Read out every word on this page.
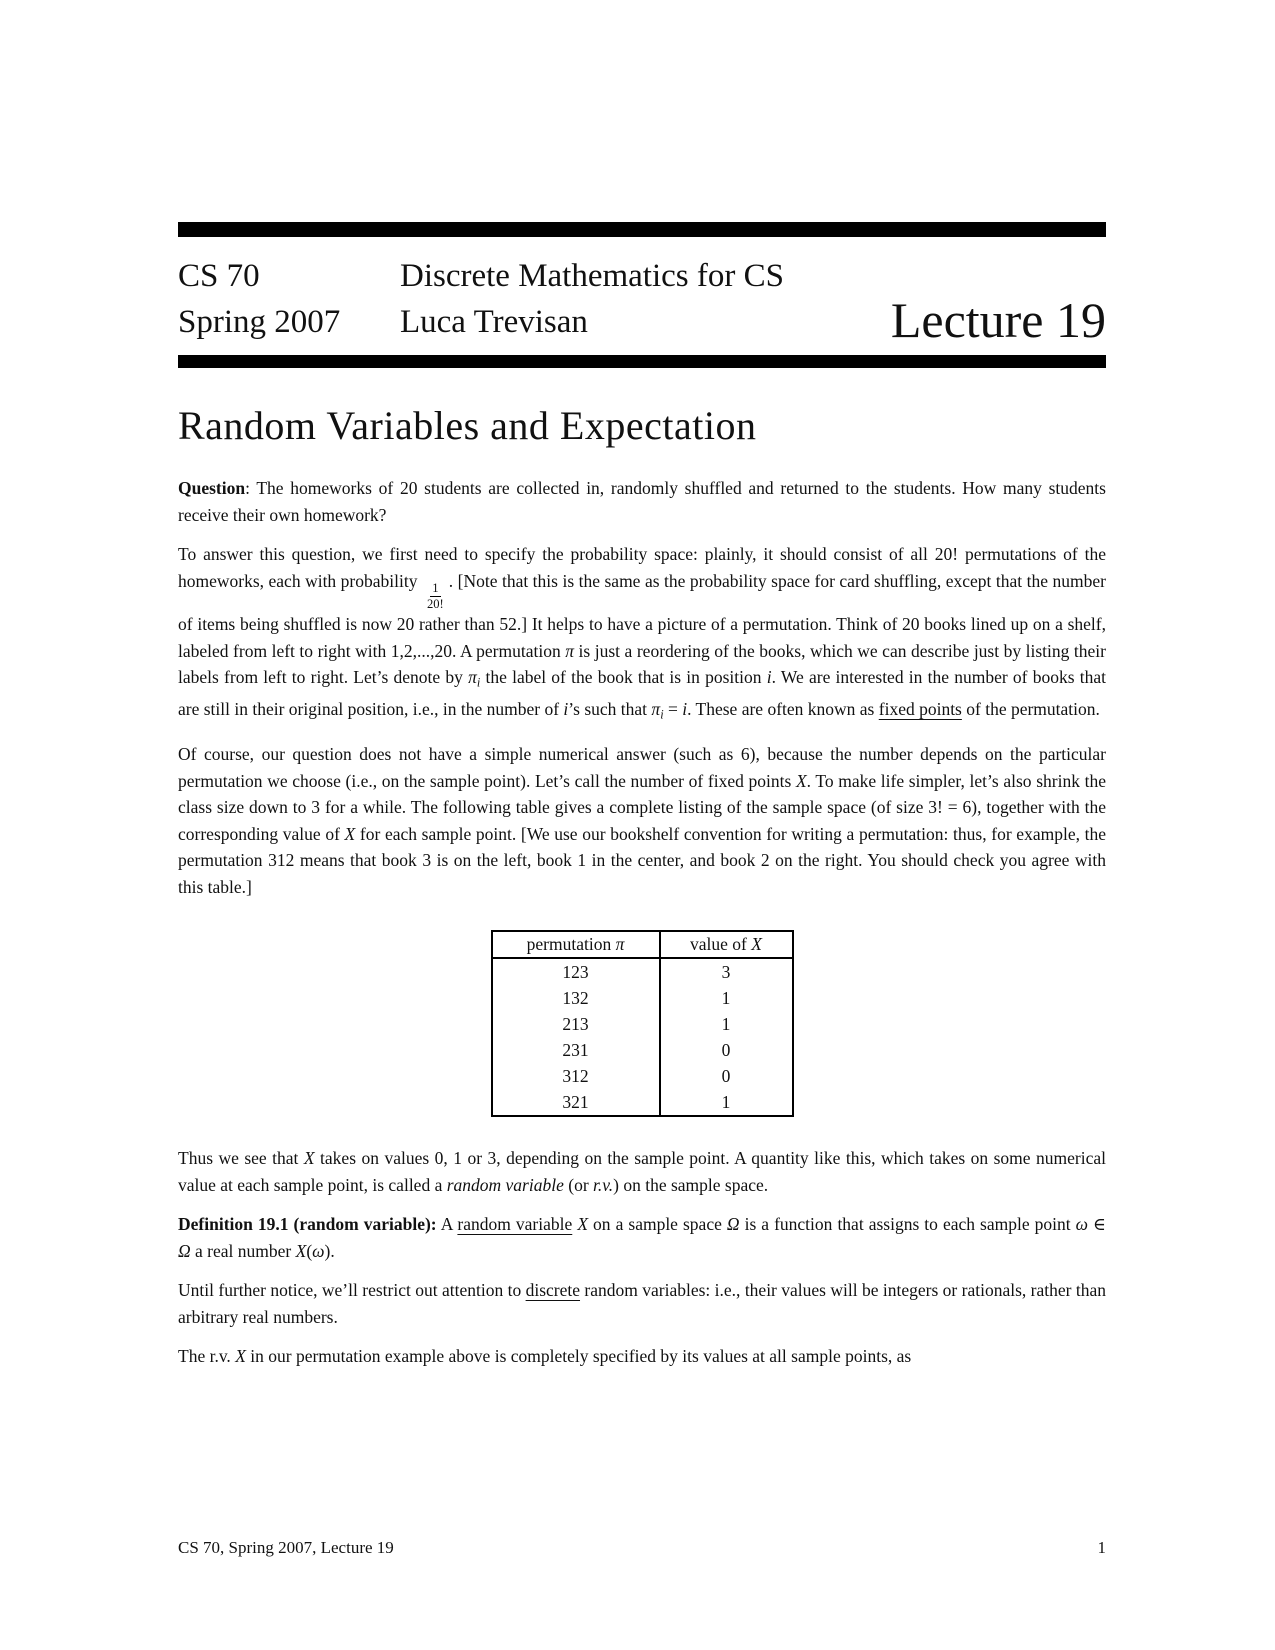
CS 70
Spring 2007
Discrete Mathematics for CS
Luca Trevisan	Lecture 19
Random Variables and Expectation

Question: The homeworks of 20 students are collected in, randomly shuffled and returned to the students. How many students receive their own homework?

To answer this question, we first need to specify the probability space: plainly, it should consist of all 20! permutations of the homeworks, each with probability
$\frac{1}{20!}$
. [Note that this is the same as the probability space for card shuffling, except that the number of items being shuffled is now 20 rather than 52.] It helps to have a picture of a permutation. Think of 20 books lined up on a shelf, labeled from left to right with 1,2,...,20. A permutation π is just a reordering of the books, which we can describe just by listing their labels from left to right. Let’s denote by $\pi_i$ the label of the book that is in position i. We are interested in the number of books that are still in their original position, i.e., in the number of i’s such that $\pi_i = i$. These are often known as fixed points of the permutation.

Of course, our question does not have a simple numerical answer (such as 6), because the number depends on the particular permutation we choose (i.e., on the sample point). Let’s call the number of fixed points X. To make life simpler, let’s also shrink the class size down to 3 for a while. The following table gives a complete listing of the sample space (of size 3! = 6), together with the corresponding value of X for each sample point. [We use our bookshelf convention for writing a permutation: thus, for example, the permutation 312 means that book 3 is on the left, book 1 in the center, and book 2 on the right. You should check you agree with this table.]

permutation π	value of X
123	3
132	1
213	1
231	0
312	0
321	1

Thus we see that X takes on values 0, 1 or 3, depending on the sample point. A quantity like this, which takes on some numerical value at each sample point, is called a random variable (or r.v.) on the sample space.

Definition 19.1 (random variable): A random variable X on a sample space Ω is a function that assigns to each sample point ω ∈ Ω a real number X(ω).

Until further notice, we’ll restrict out attention to discrete random variables: i.e., their values will be integers or rationals, rather than arbitrary real numbers.

The r.v. X in our permutation example above is completely specified by its values at all sample points, as

CS 70, Spring 2007, Lecture 19	1
